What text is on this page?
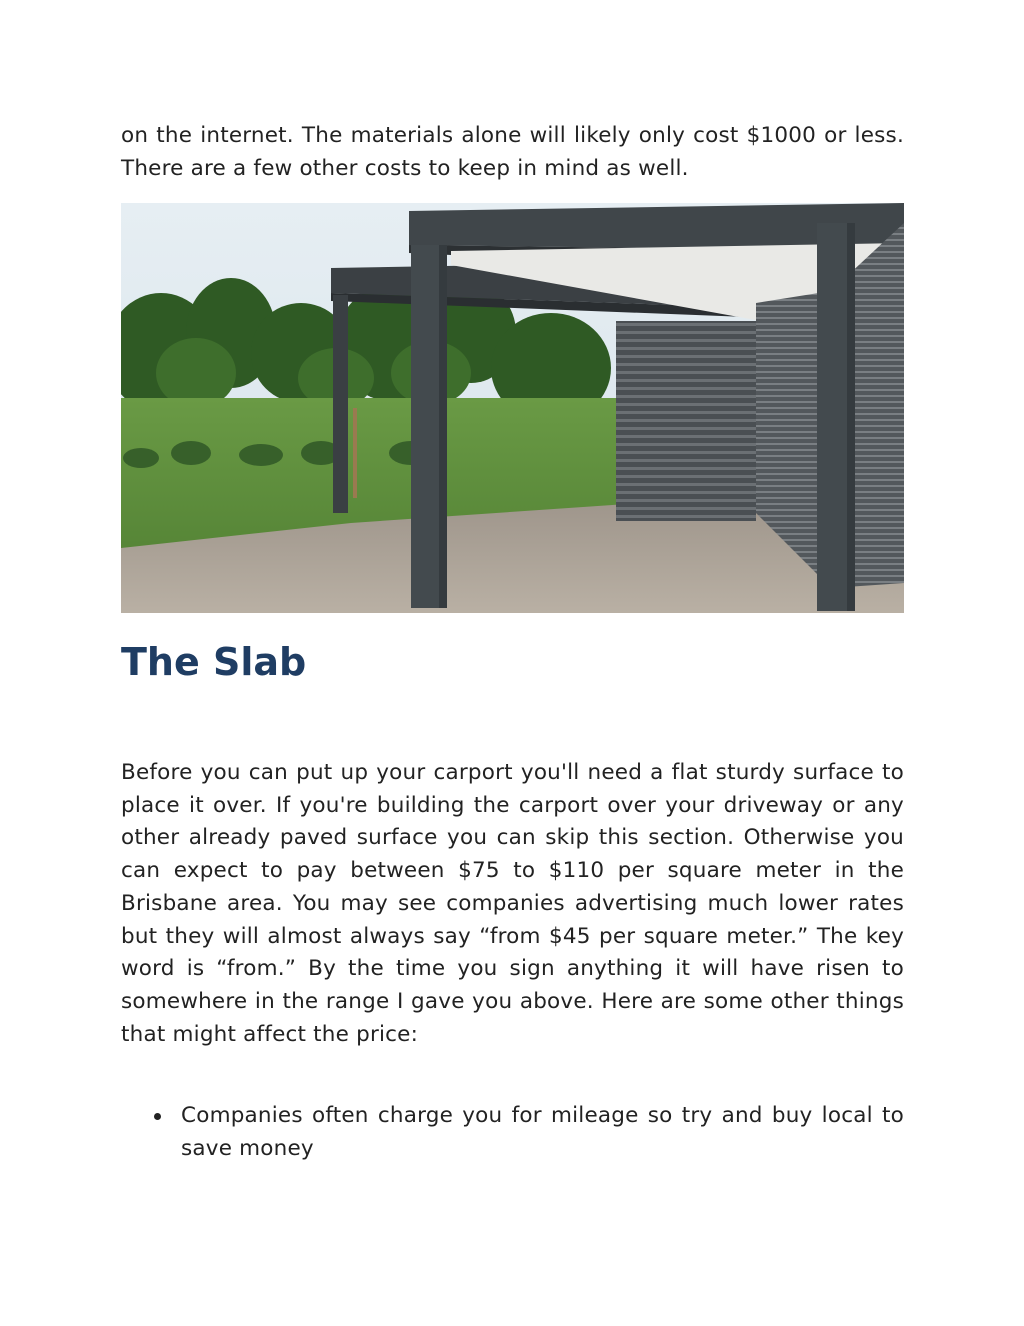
on the internet. The materials alone will likely only cost $1000 or less. There are a few other costs to keep in mind as well.

The Slab

Before you can put up your carport you'll need a flat sturdy surface to place it over. If you're building the carport over your driveway or any other already paved surface you can skip this section. Otherwise you can expect to pay between $75 to $110 per square meter in the Brisbane area. You may see companies advertising much lower rates but they will almost always say “from $45 per square meter.” The key word is “from.” By the time you sign anything it will have risen to somewhere in the range I gave you above. Here are some other things that might affect the price:

Companies often charge you for mileage so try and buy local to save money
